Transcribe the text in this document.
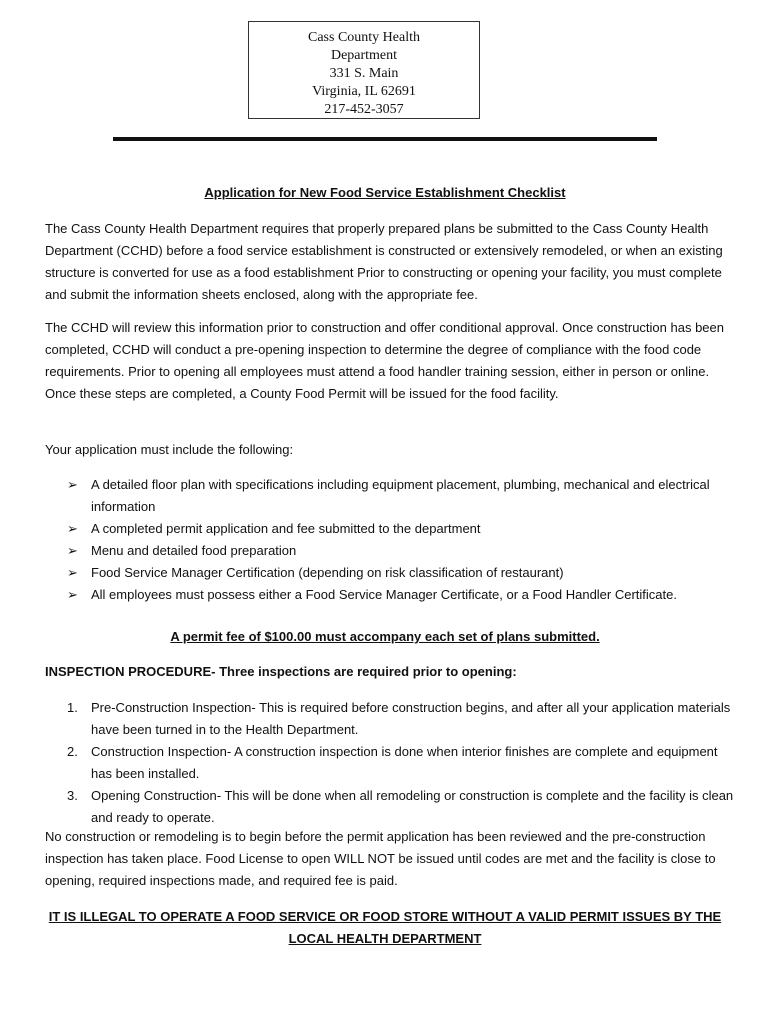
Cass County Health
Department
331 S. Main
Virginia, IL 62691
217-452-3057
Application for New Food Service Establishment Checklist

The Cass County Health Department requires that properly prepared plans be submitted to the Cass County Health Department (CCHD) before a food service establishment is constructed or extensively remodeled, or when an existing structure is converted for use as a food establishment Prior to constructing or opening your facility, you must complete and submit the information sheets enclosed, along with the appropriate fee.

The CCHD will review this information prior to construction and offer conditional approval. Once construction has been completed, CCHD will conduct a pre-opening inspection to determine the degree of compliance with the food code requirements. Prior to opening all employees must attend a food handler training session, either in person or online. Once these steps are completed, a County Food Permit will be issued for the food facility.

Your application must include the following:

➢ A detailed floor plan with specifications including equipment placement, plumbing, mechanical and electrical information
➢ A completed permit application and fee submitted to the department
➢ Menu and detailed food preparation
➢ Food Service Manager Certification (depending on risk classification of restaurant)
➢ All employees must possess either a Food Service Manager Certificate, or a Food Handler Certificate.
A permit fee of $100.00 must accompany each set of plans submitted.
INSPECTION PROCEDURE- Three inspections are required prior to opening:
1. Pre-Construction Inspection- This is required before construction begins, and after all your application materials have been turned in to the Health Department.
2. Construction Inspection- A construction inspection is done when interior finishes are complete and equipment has been installed.
3. Opening Construction- This will be done when all remodeling or construction is complete and the facility is clean and ready to operate.

No construction or remodeling is to begin before the permit application has been reviewed and the pre-construction inspection has taken place. Food License to open WILL NOT be issued until codes are met and the facility is close to opening, required inspections made, and required fee is paid.

IT IS ILLEGAL TO OPERATE A FOOD SERVICE OR FOOD STORE WITHOUT A VALID PERMIT ISSUES BY THE LOCAL HEALTH DEPARTMENT
